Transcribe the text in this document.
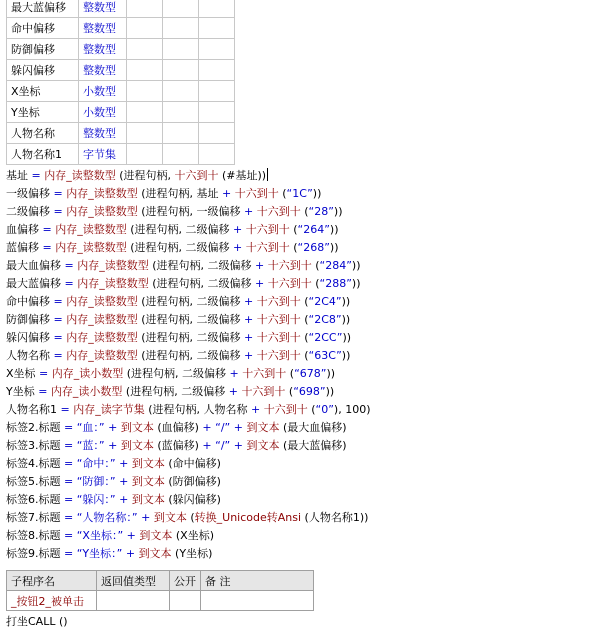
最大蓝偏移	整数型			
命中偏移	整数型			
防御偏移	整数型			
躲闪偏移	整数型			
X坐标	小数型			
Y坐标	小数型			
人物名称	整数型			
人物名称1	字节集			
基址 = 内存_读整数型 (进程句柄, 十六到十 (#基址))
一级偏移 = 内存_读整数型 (进程句柄, 基址 + 十六到十 (“1C”))
二级偏移 = 内存_读整数型 (进程句柄, 一级偏移 + 十六到十 (“28”))
血偏移 = 内存_读整数型 (进程句柄, 二级偏移 + 十六到十 (“264”))
蓝偏移 = 内存_读整数型 (进程句柄, 二级偏移 + 十六到十 (“268”))
最大血偏移 = 内存_读整数型 (进程句柄, 二级偏移 + 十六到十 (“284”))
最大蓝偏移 = 内存_读整数型 (进程句柄, 二级偏移 + 十六到十 (“288”))
命中偏移 = 内存_读整数型 (进程句柄, 二级偏移 + 十六到十 (“2C4”))
防御偏移 = 内存_读整数型 (进程句柄, 二级偏移 + 十六到十 (“2C8”))
躲闪偏移 = 内存_读整数型 (进程句柄, 二级偏移 + 十六到十 (“2CC”))
人物名称 = 内存_读整数型 (进程句柄, 二级偏移 + 十六到十 (“63C”))
X坐标 = 内存_读小数型 (进程句柄, 二级偏移 + 十六到十 (“678”))
Y坐标 = 内存_读小数型 (进程句柄, 二级偏移 + 十六到十 (“698”))
人物名称1 = 内存_读字节集 (进程句柄, 人物名称 + 十六到十 (“0”), 100)
标签2.标题 = “血：” + 到文本 (血偏移) + “/” + 到文本 (最大血偏移)
标签3.标题 = “蓝：” + 到文本 (蓝偏移) + “/” + 到文本 (最大蓝偏移)
标签4.标题 = “命中：” + 到文本 (命中偏移)
标签5.标题 = “防御：” + 到文本 (防御偏移)
标签6.标题 = “躲闪：” + 到文本 (躲闪偏移)
标签7.标题 = “人物名称：” + 到文本 (转换_Unicode转Ansi (人物名称1))
标签8.标题 = “X坐标：” + 到文本 (X坐标)
标签9.标题 = “Y坐标：” + 到文本 (Y坐标)
子程序名	返回值类型	公开	备 注
_按钮2_被单击			
打坐CALL ()
